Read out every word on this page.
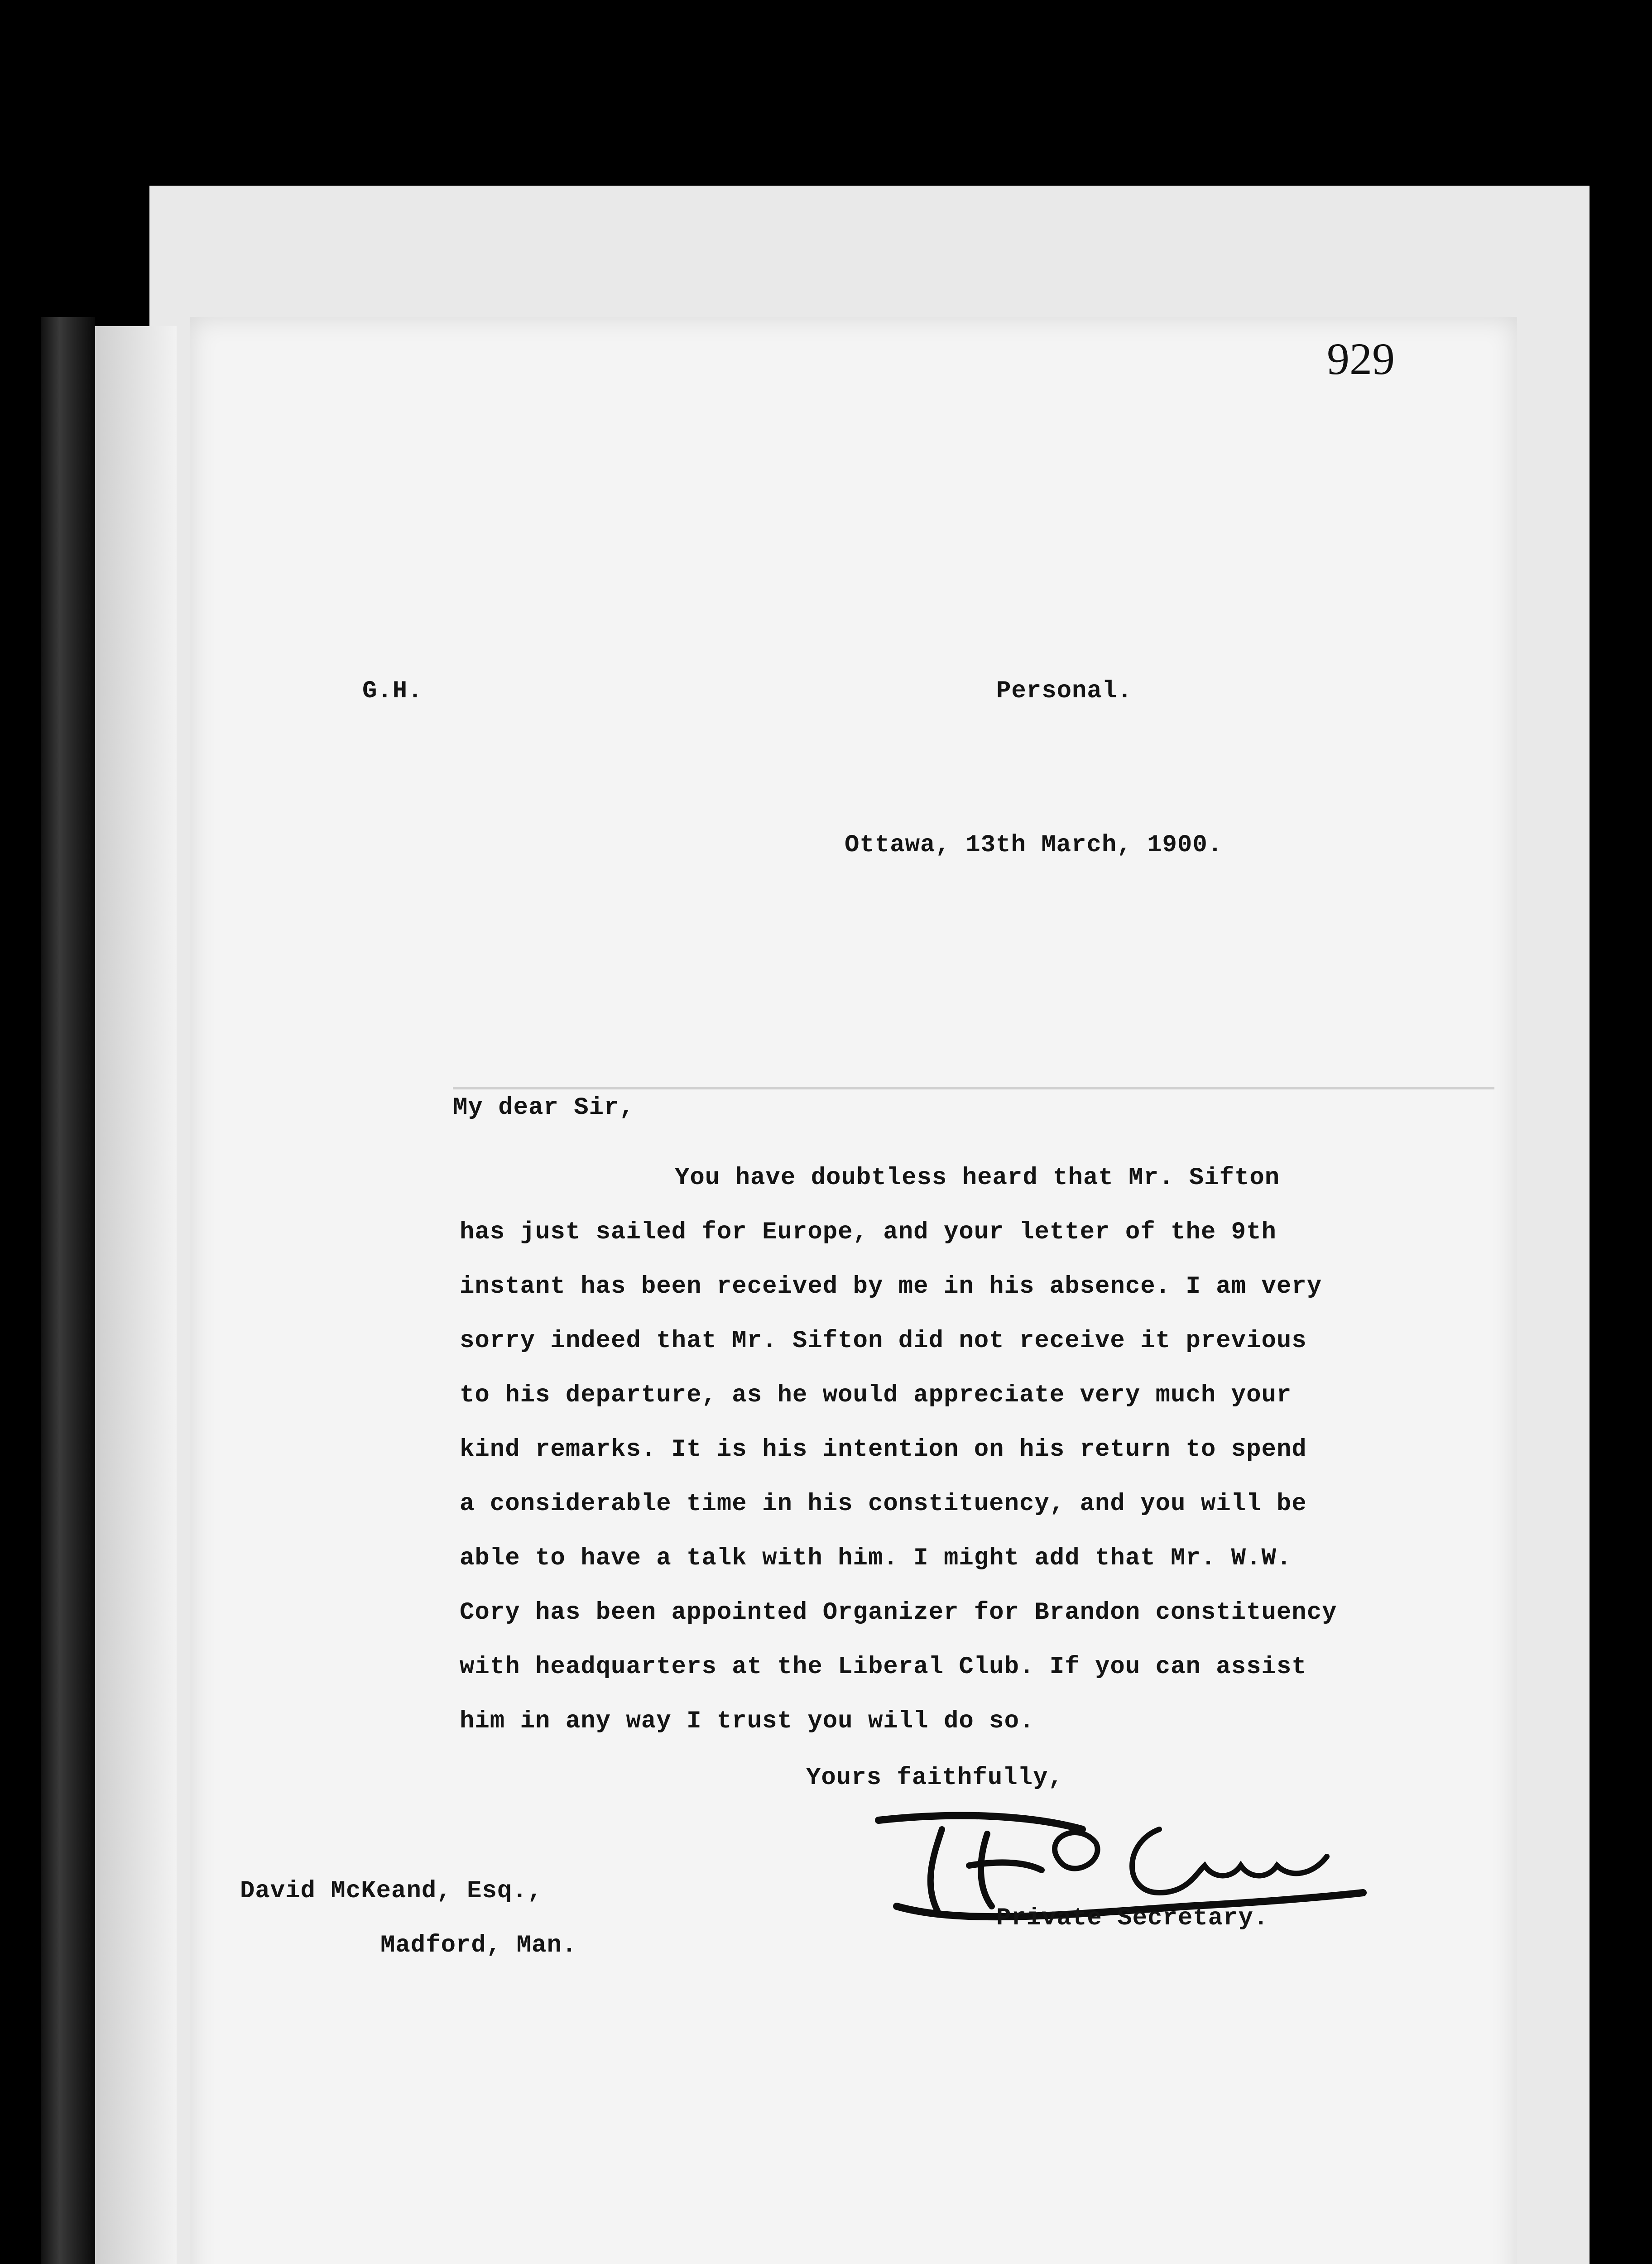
929
G.H.	Personal.
Ottawa, 13th March, 1900.
My dear Sir,
You have doubtless heard that Mr. Sifton
has just sailed for Europe, and your letter of the 9th
instant has been received by me in his absence. I am very
sorry indeed that Mr. Sifton did not receive it previous
to his departure, as he would appreciate very much your
kind remarks. It is his intention on his return to spend
a considerable time in his constituency, and you will be
able to have a talk with him. I might add that Mr. W.W.
Cory has been appointed Organizer for Brandon constituency
with headquarters at the Liberal Club. If you can assist
him in any way I trust you will do so.
Yours faithfully,
Private Secretary.
David McKeand, Esq.,
Madford, Man.
